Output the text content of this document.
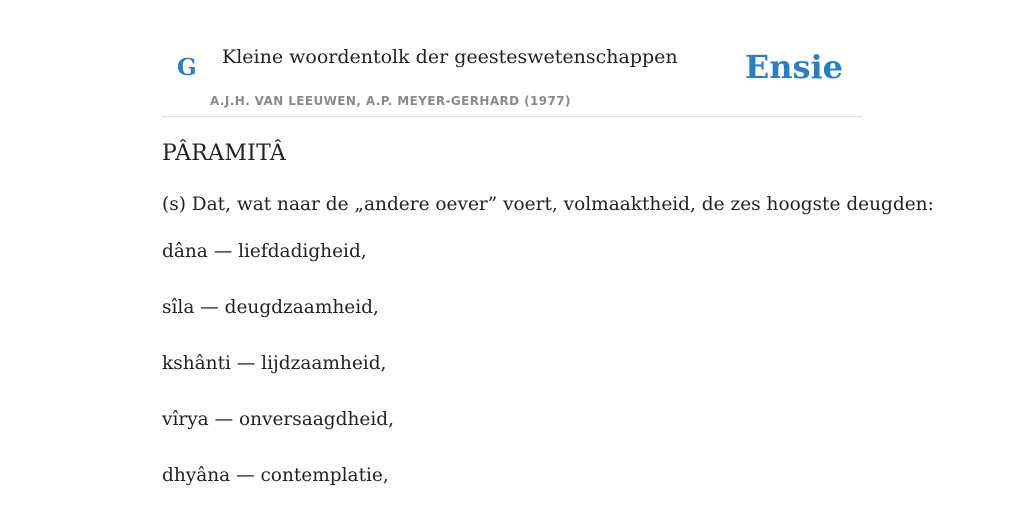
G Kleine woordentolk der geesteswetenschappen
A.J.H. VAN LEEUWEN, A.P. MEYER-GERHARD (1977)
Ensie
PÂRAMITÂ

(s) Dat, wat naar de „andere oever” voert, volmaaktheid, de zes hoogste deugden:

dâna — liefdadigheid,

sîla — deugdzaamheid,

kshânti — lijdzaamheid,

vîrya — onversaagdheid,

dhyâna — contemplatie,
